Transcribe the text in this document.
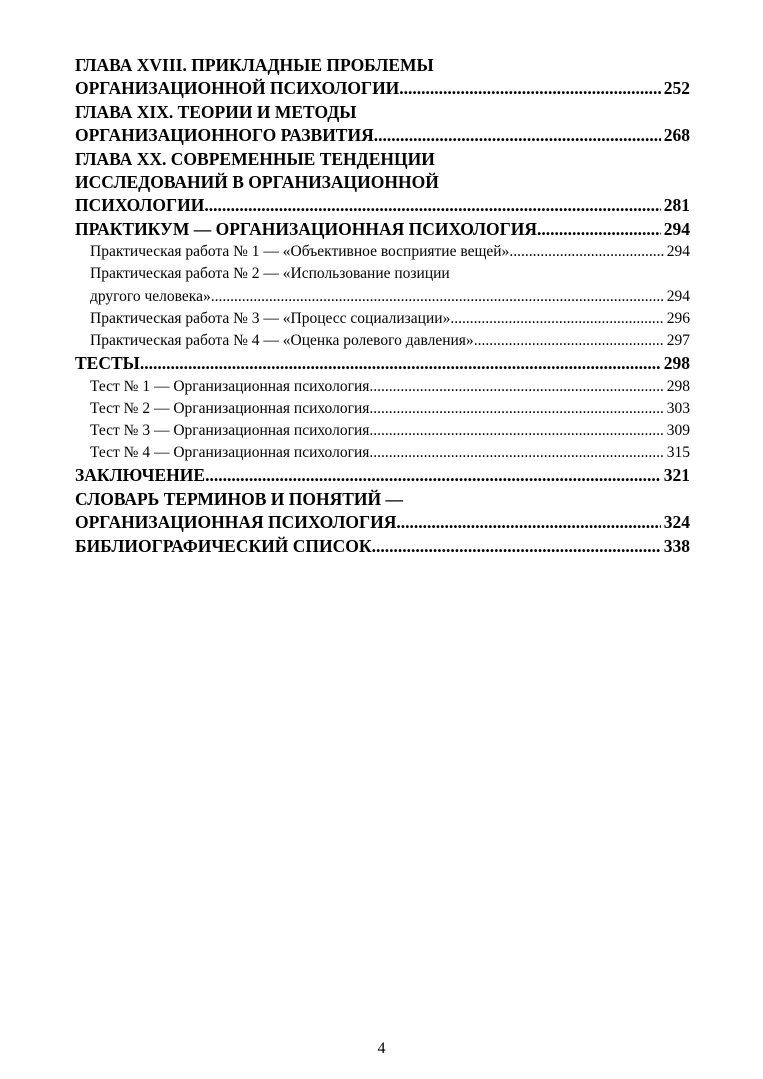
ГЛАВА XVIII. ПРИКЛАДНЫЕ ПРОБЛЕМЫ
ОРГАНИЗАЦИОННОЙ ПСИХОЛОГИИ .....	252
ГЛАВА XIX. ТЕОРИИ И МЕТОДЫ
ОРГАНИЗАЦИОННОГО РАЗВИТИЯ .....	268
ГЛАВА XX. СОВРЕМЕННЫЕ ТЕНДЕНЦИИ
ИССЛЕДОВАНИЙ В ОРГАНИЗАЦИОННОЙ
ПСИХОЛОГИИ .....	281
ПРАКТИКУМ — ОРГАНИЗАЦИОННАЯ ПСИХОЛОГИЯ .....	294
Практическая работа № 1 — «Объективное восприятие вещей» .....	294
Практическая работа № 2 — «Использование позиции
другого человека» .....	294
Практическая работа № 3 — «Процесс социализации» .....	296
Практическая работа № 4 — «Оценка ролевого давления» .....	297
ТЕСТЫ .....	298
Тест № 1 — Организационная психология .....	298
Тест № 2 — Организационная психология .....	303
Тест № 3 — Организационная психология .....	309
Тест № 4 — Организационная психология .....	315
ЗАКЛЮЧЕНИЕ .....	321
СЛОВАРЬ ТЕРМИНОВ И ПОНЯТИЙ —
ОРГАНИЗАЦИОННАЯ ПСИХОЛОГИЯ .....	324
БИБЛИОГРАФИЧЕСКИЙ СПИСОК .....	338
4
